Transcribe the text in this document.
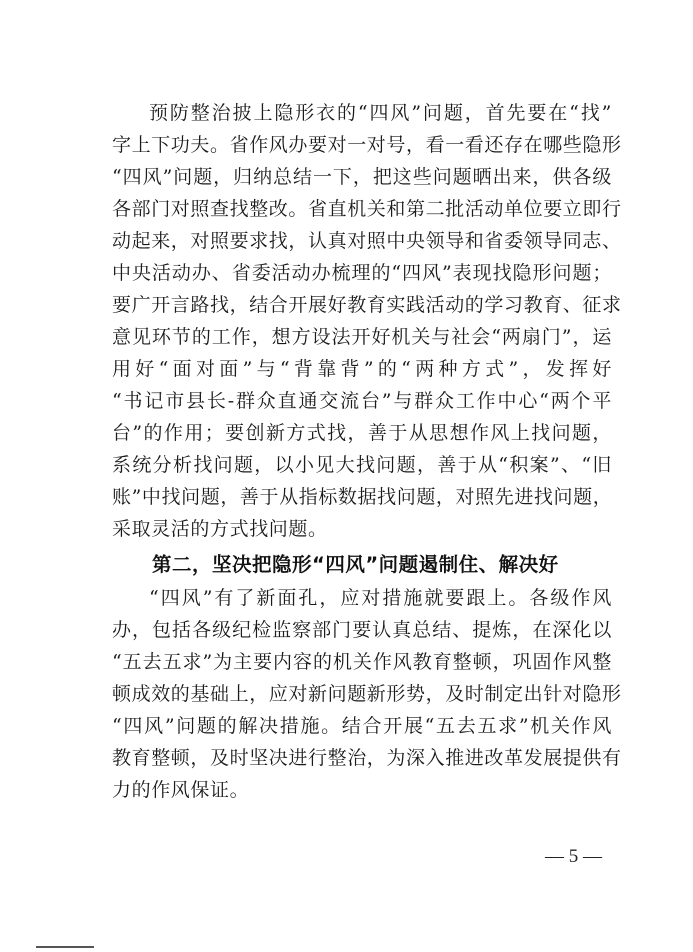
预防整治披上隐形衣的“四风”问题，首先要在“找”
字上下功夫。省作风办要对一对号，看一看还存在哪些隐形
“四风”问题，归纳总结一下，把这些问题晒出来，供各级
各部门对照查找整改。省直机关和第二批活动单位要立即行
动起来，对照要求找，认真对照中央领导和省委领导同志、
中央活动办、省委活动办梳理的“四风”表现找隐形问题；
要广开言路找，结合开展好教育实践活动的学习教育、征求
意见环节的工作，想方设法开好机关与社会“两扇门”，运
用好“面对面”与“背靠背”的“两种方式”，发挥好
“书记市县长-群众直通交流台”与群众工作中心“两个平
台”的作用；要创新方式找，善于从思想作风上找问题，
系统分析找问题，以小见大找问题，善于从“积案”、“旧
账”中找问题，善于从指标数据找问题，对照先进找问题，
采取灵活的方式找问题。
第二，坚决把隐形“四风”问题遏制住、解决好
“四风”有了新面孔，应对措施就要跟上。各级作风
办，包括各级纪检监察部门要认真总结、提炼，在深化以
“五去五求”为主要内容的机关作风教育整顿，巩固作风整
顿成效的基础上，应对新问题新形势，及时制定出针对隐形
“四风”问题的解决措施。结合开展“五去五求”机关作风
教育整顿，及时坚决进行整治，为深入推进改革发展提供有
力的作风保证。
— 5 —
